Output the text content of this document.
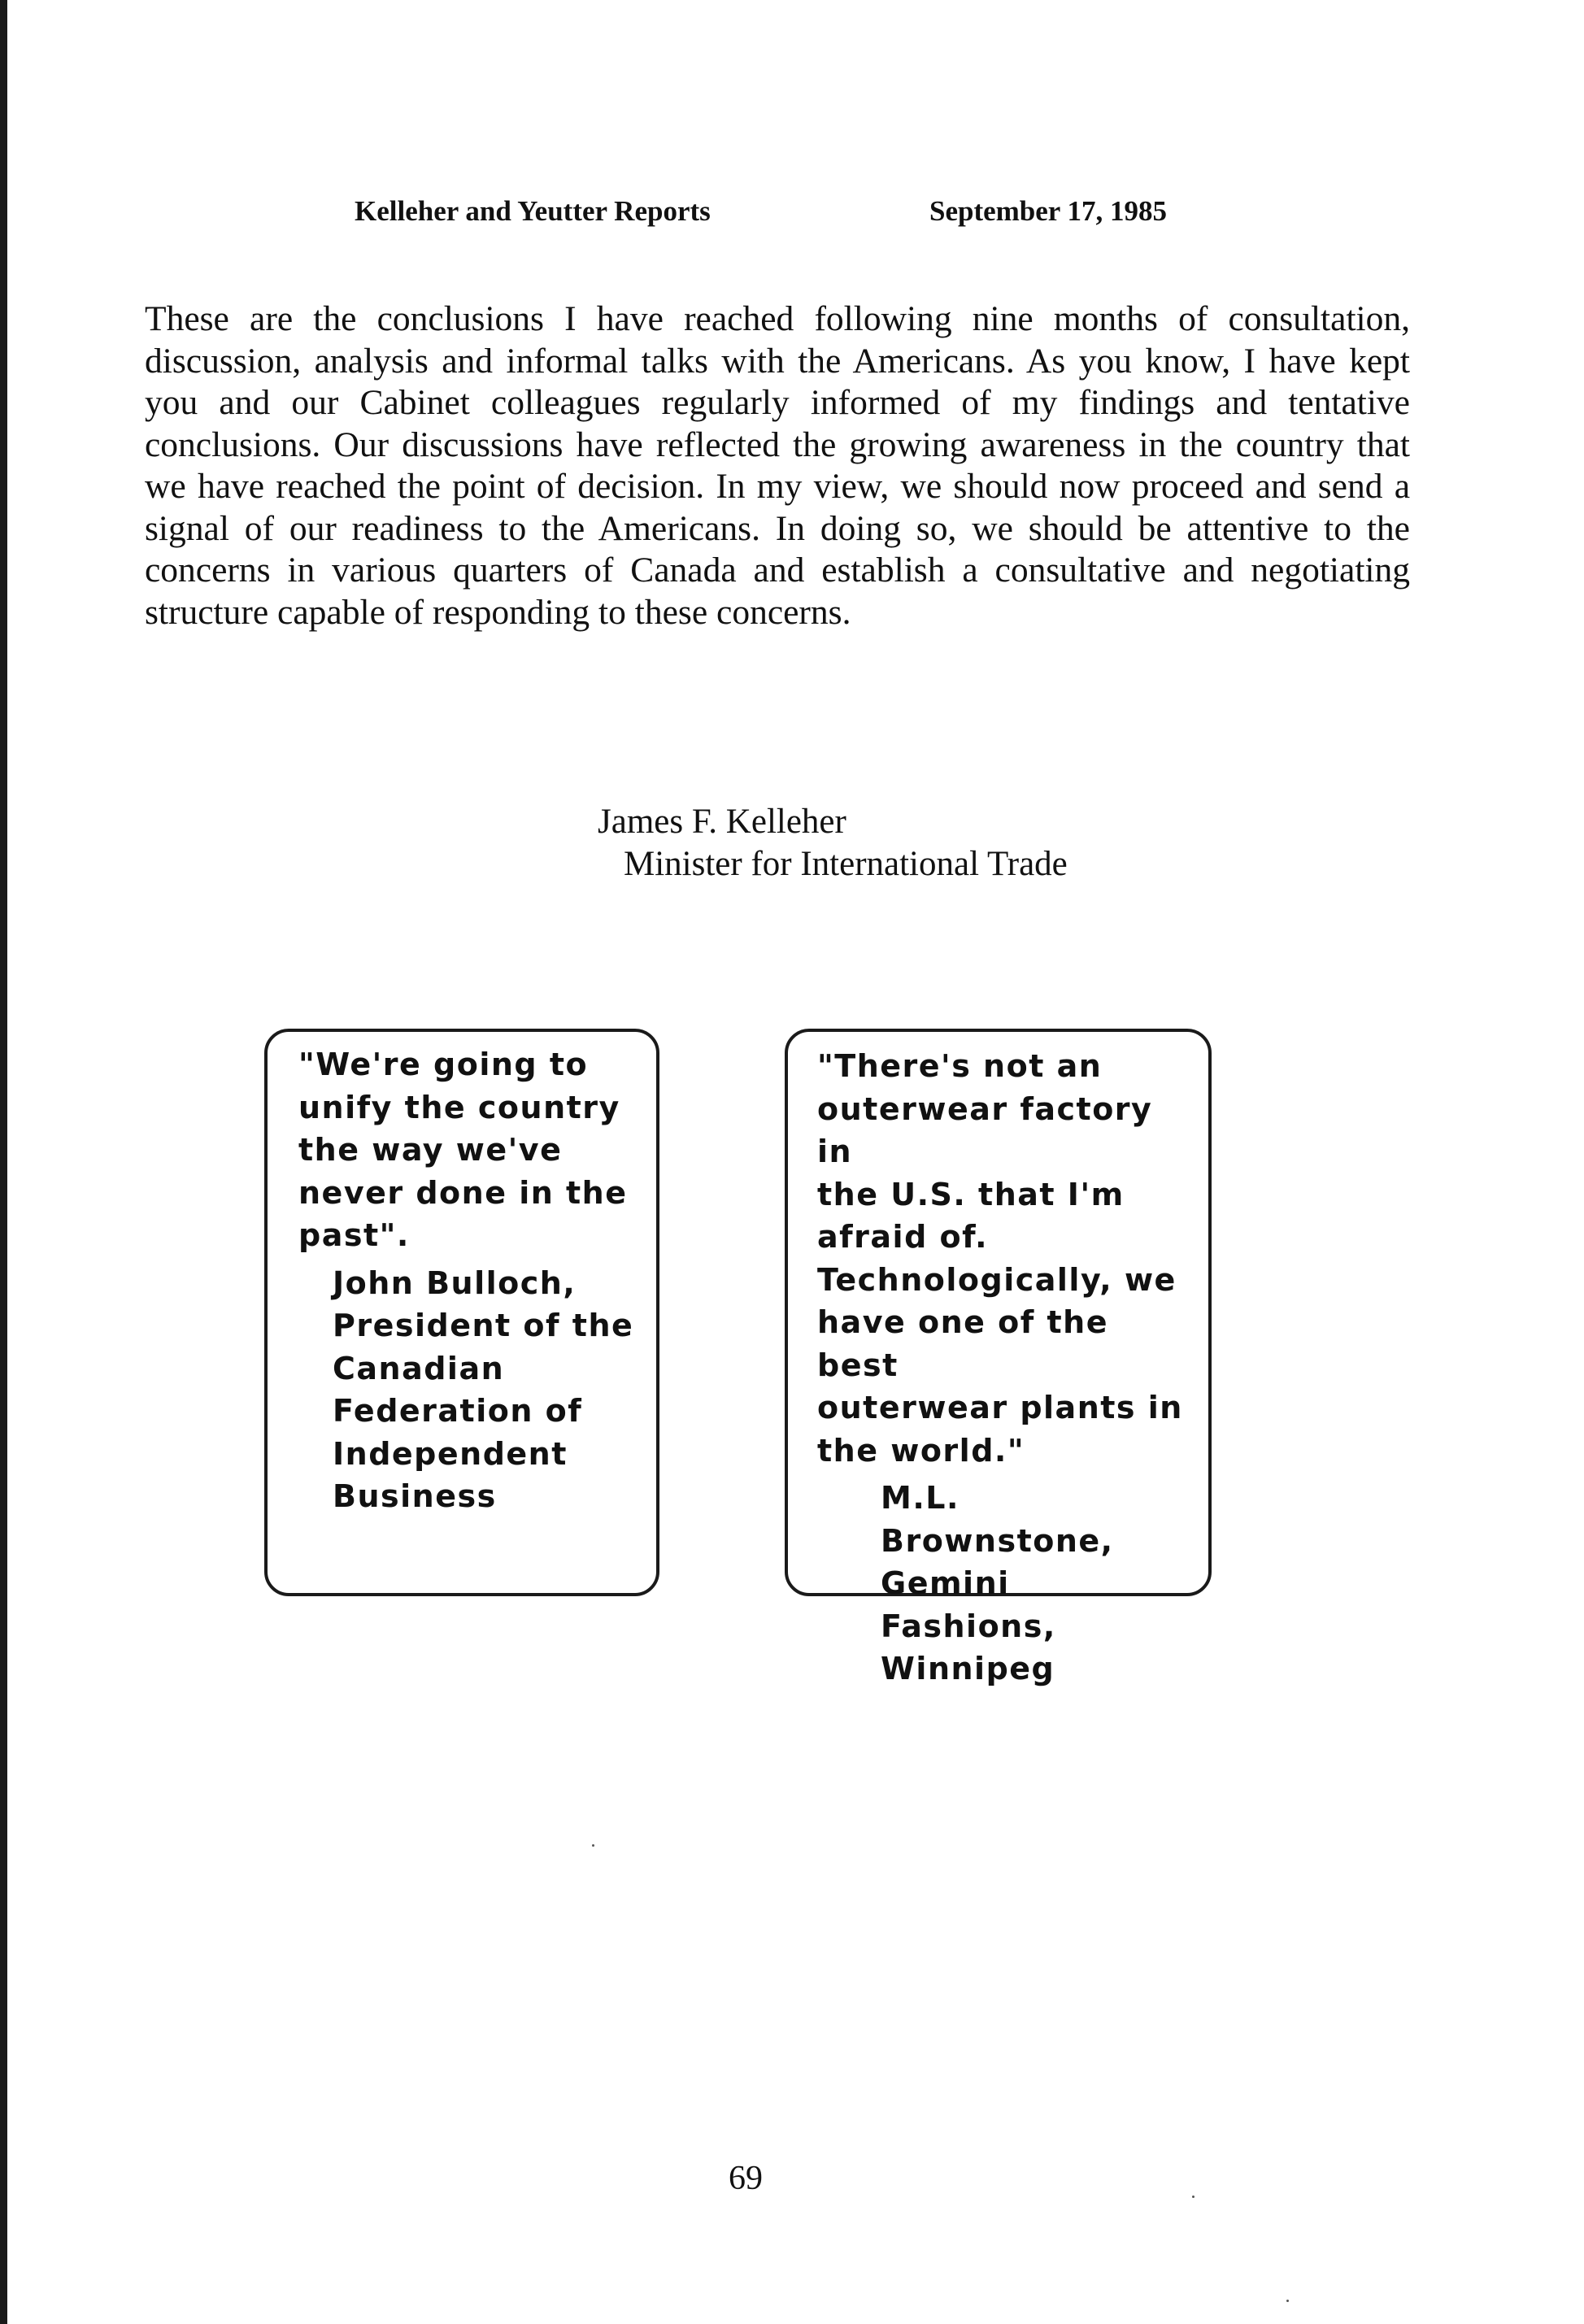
Kelleher and Yeutter Reports	September 17, 1985

These are the conclusions I have reached following nine months of consultation, discussion, analysis and informal talks with the Americans. As you know, I have kept you and our Cabinet colleagues regularly informed of my findings and tentative conclusions. Our discussions have reflected the growing awareness in the country that we have reached the point of decision. In my view, we should now proceed and send a signal of our readiness to the Americans. In doing so, we should be attentive to the concerns in various quarters of Canada and establish a consultative and negotiating structure capable of responding to these concerns.

James F. Kelleher
Minister for International Trade
"We're going to
unify the country
the way we've
never done in the
past".
John Bulloch,
President of the
Canadian
Federation of
Independent
Business
"There's not an
outerwear factory in
the U.S. that I'm
afraid of.
Technologically, we
have one of the best
outerwear plants in
the world."
M.L. Brownstone,
Gemini Fashions,
Winnipeg
69
